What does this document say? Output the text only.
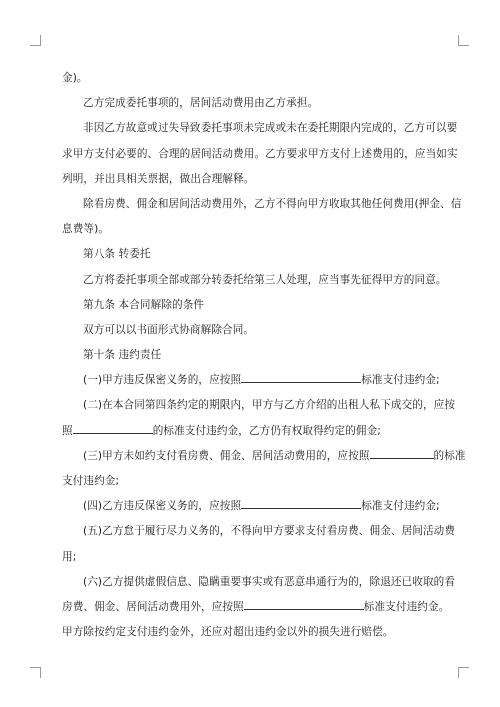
金)。
乙方完成委托事项的，居间活动费用由乙方承担。
非因乙方故意或过失导致委托事项未完成或未在委托期限内完成的，乙方可以要
求甲方支付必要的、合理的居间活动费用。乙方要求甲方支付上述费用的，应当如实
列明，并出具相关票据，做出合理解释。
除看房费、佣金和居间活动费用外，乙方不得向甲方收取其他任何费用(押金、信
息费等)。
第八条 转委托
乙方将委托事项全部或部分转委托给第三人处理，应当事先征得甲方的同意。
第九条 本合同解除的条件
双方可以以书面形式协商解除合同。
第十条 违约责任
(一)甲方违反保密义务的，应按照	标准支付违约金;
(二)在本合同第四条约定的期限内，甲方与乙方介绍的出租人私下成交的，应按
照	的标准支付违约金，乙方仍有权取得约定的佣金;
(三)甲方未如约支付看房费、佣金、居间活动费用的，应按照	的标准
支付违约金;
(四)乙方违反保密义务的，应按照	标准支付违约金;
(五)乙方怠于履行尽力义务的，不得向甲方要求支付看房费、佣金、居间活动费
用;
(六)乙方提供虚假信息、隐瞒重要事实或有恶意串通行为的，除退还已收取的看
房费、佣金、居间活动费用外，应按照	标准支付违约金。
甲方除按约定支付违约金外，还应对超出违约金以外的损失进行赔偿。
